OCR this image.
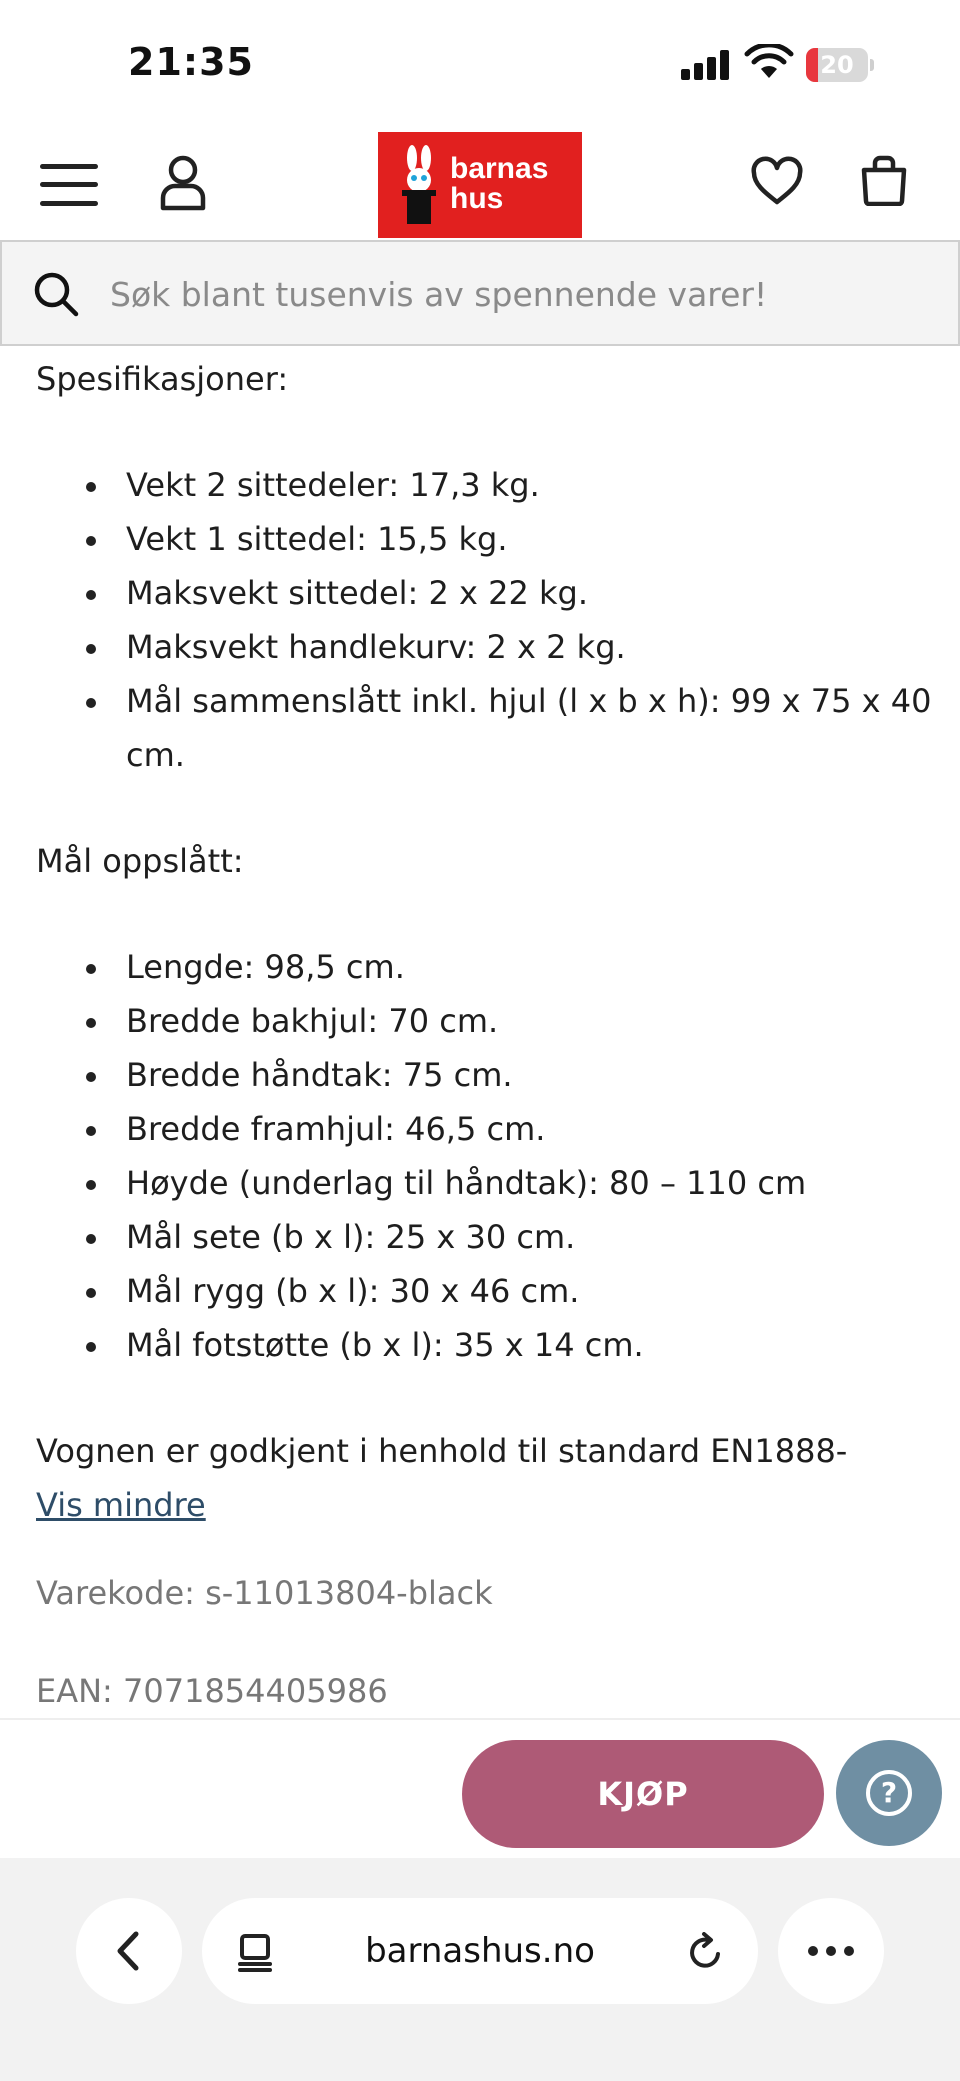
21:35	20
barnas
hus
Søk blant tusenvis av spennende varer!
Spesifikasjoner:
Vekt 2 sittedeler: 17,3 kg.
Vekt 1 sittedel: 15,5 kg.
Maksvekt sittedel: 2 x 22 kg.
Maksvekt handlekurv: 2 x 2 kg.
Mål sammenslått inkl. hjul (l x b x h): 99 x 75 x 40 cm.
Mål oppslått:
Lengde: 98,5 cm.
Bredde bakhjul: 70 cm.
Bredde håndtak: 75 cm.
Bredde framhjul: 46,5 cm.
Høyde (underlag til håndtak): 80 – 110 cm
Mål sete (b x l): 25 x 30 cm.
Mål rygg (b x l): 30 x 46 cm.
Mål fotstøtte (b x l): 35 x 14 cm.
Vognen er godkjent i henhold til standard EN1888-
Vis mindre
Varekode: s-11013804-black
EAN: 7071854405986
KJØP	?
barnashus.no
